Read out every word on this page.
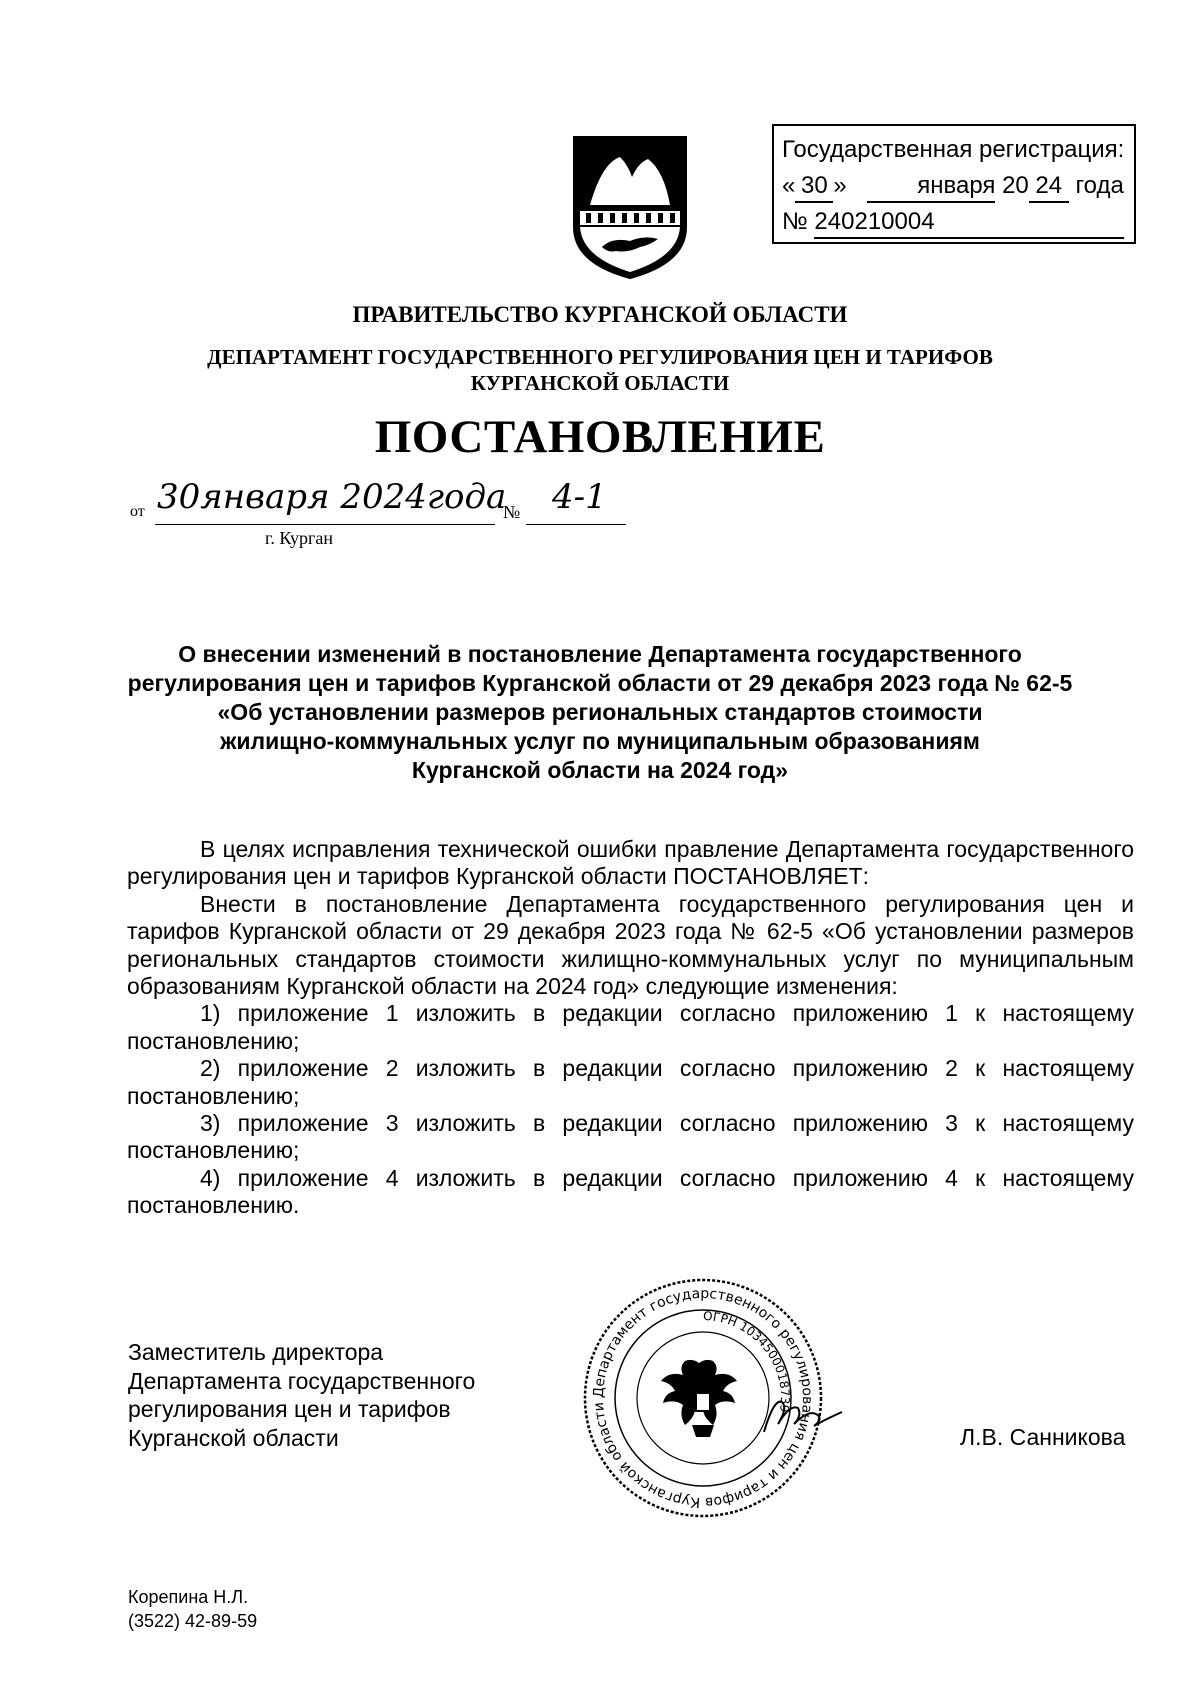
Государственная регистрация:
« 30 »	января 20 24 года
№ 240210004
ПРАВИТЕЛЬСТВО КУРГАНСКОЙ ОБЛАСТИ
ДЕПАРТАМЕНТ ГОСУДАРСТВЕННОГО РЕГУЛИРОВАНИЯ ЦЕН И ТАРИФОВ
КУРГАНСКОЙ ОБЛАСТИ
ПОСТАНОВЛЕНИЕ
от 30января 2024года
№ 4-1
г. Курган
О внесении изменений в постановление Департамента государственного
регулирования цен и тарифов Курганской области от 29 декабря 2023 года № 62-5
«Об установлении размеров региональных стандартов стоимости
жилищно-коммунальных услуг по муниципальным образованиям
Курганской области на 2024 год»

В целях исправления технической ошибки правление Департамента государственного регулирования цен и тарифов Курганской области ПОСТАНОВЛЯЕТ:

Внести в постановление Департамента государственного регулирования цен и тарифов Курганской области от 29 декабря 2023 года № 62-5 «Об установлении размеров региональных стандартов стоимости жилищно-коммунальных услуг по муниципальным образованиям Курганской области на 2024 год» следующие изменения:

1) приложение 1 изложить в редакции согласно приложению 1 к настоящему постановлению;

2) приложение 2 изложить в редакции согласно приложению 2 к настоящему постановлению;

3) приложение 3 изложить в редакции согласно приложению 3 к настоящему постановлению;

4) приложение 4 изложить в редакции согласно приложению 4 к настоящему постановлению.

Департамент государственного регулирования цен и тарифов Курганской области
ОГРН 1034500018739
Заместитель директора
Департамента государственного
регулирования цен и тарифов
Курганской области	Л.В. Санникова
Корепина Н.Л.
(3522) 42-89-59
